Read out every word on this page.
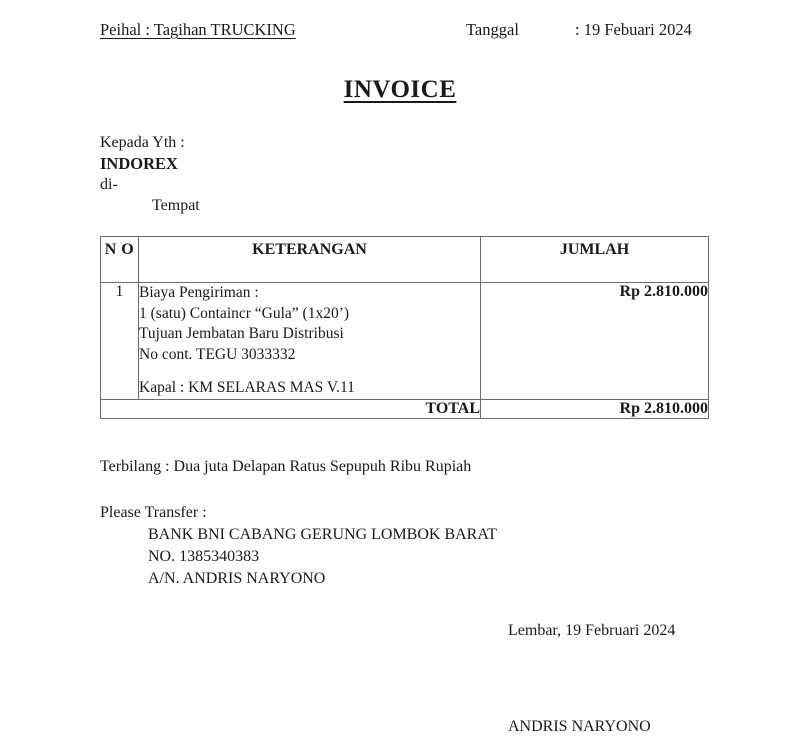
Peihal : Tagihan TRUCKING	Tanggal	: 19 Febuari 2024
INVOICE
Kepada Yth :
INDOREX
di-
Tempat
N O	KETERANGAN	JUMLAH
1	Biaya Pengiriman :
1 (satu) Containcr “Gula” (1x20’)
Tujuan Jembatan Baru Distribusi
No cont. TEGU 3033332
Kapal : KM SELARAS MAS V.11	Rp 2.810.000
TOTAL		Rp 2.810.000
Terbilang : Dua juta Delapan Ratus Sepupuh Ribu Rupiah
Please Transfer :
BANK BNI CABANG GERUNG LOMBOK BARAT
NO. 1385340383
A/N. ANDRIS NARYONO
Lembar, 19 Februari 2024
ANDRIS NARYONO
